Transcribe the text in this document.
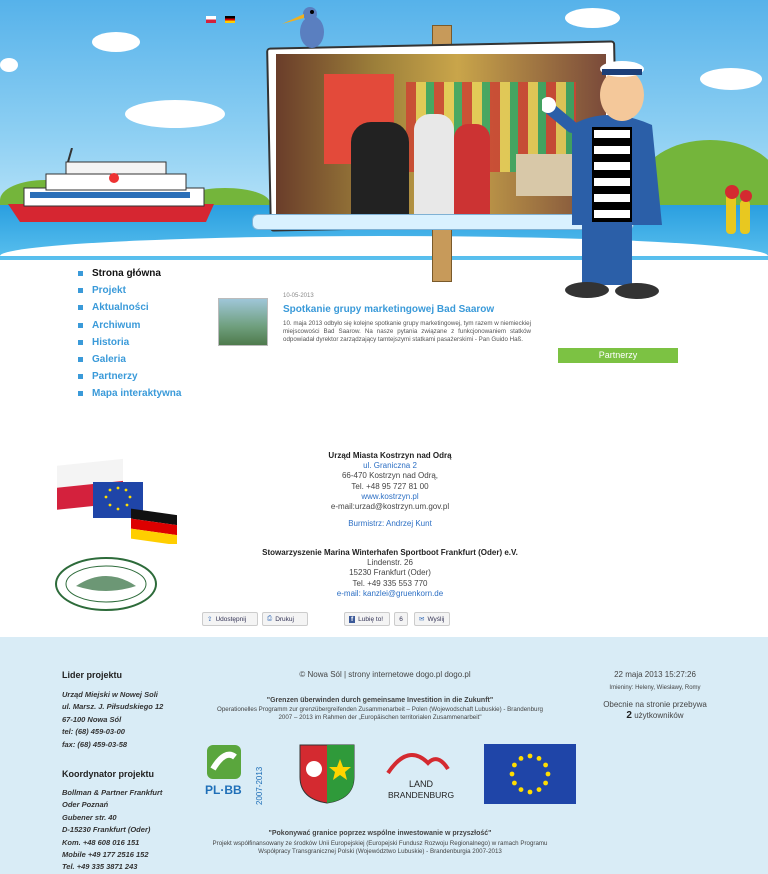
Strona główna
Projekt
Aktualności
Archiwum
Historia
Galeria
Partnerzy
Mapa interaktywna
10-05-2013
Spotkanie grupy marketingowej Bad Saarow
10. maja 2013 odbyło się kolejne spotkanie grupy marketingowej, tym razem w niemieckiej miejscowości Bad Saarow. Na nasze pytania związane z funkcjonowaniem statków odpowiadał dyrektor zarządzający tamtejszymi statkami pasażerskimi - Pan Guido Haß.
Partnerzy
Urząd Miasta Kostrzyn nad Odrą
ul. Graniczna 2
66-470 Kostrzyn nad Odrą,
Tel. +48 95 727 81 00
www.kostrzyn.pl
e-mail:urzad@kostrzyn.um.gov.pl
Burmistrz: Andrzej Kunt
Stowarzyszenie Marina Winterhafen Sportboot Frankfurt (Oder) e.V.
Lindenstr. 26
15230 Frankfurt (Oder)
Tel. +49 335 553 770
e-mail: kanzlei@gruenkorn.de
⇪ Udostępnij	⎙ Drukuj	f Lubię to!	6	✉ Wyślij
Lider projektu
Urząd Miejski w Nowej Soli
ul. Marsz. J. Piłsudskiego 12
67-100 Nowa Sól
tel: (68) 459-03-00
fax: (68) 459-03-58
Koordynator projektu
Bollman & Partner Frankfurt
Oder Poznań
Gubener str. 40
D-15230 Frankfurt (Oder)
Kom. +48 608 016 151
Mobile +49 177 2516 152
Tel. +49 335 3871 243
© Nowa Sól | strony internetowe dogo.pl dogo.pl
"Grenzen überwinden durch gemeinsame Investition in die Zukunft"
Operationelles Programm zur grenzübergreifenden Zusammenarbeit – Polen (Wojewodschaft Lubuskie) - Brandenburg 2007 – 2013 im Rahmen der „Europäischen territorialen Zusammenarbeit"
22 maja 2013 15:27:26
Imieniny: Heleny, Wiesławy, Romy
Obecnie na stronie przebywa
2 użytkowników
PL·BB 2007-2013	LAND
BRANDENBURG
"Pokonywać granice poprzez wspólne inwestowanie w przyszłość"
Projekt współfinansowany ze środków Unii Europejskiej (Europejski Fundusz Rozwoju Regionalnego) w ramach Programu Współpracy Transgranicznej Polski (Województwo Lubuskie) - Brandenburgia 2007-2013
